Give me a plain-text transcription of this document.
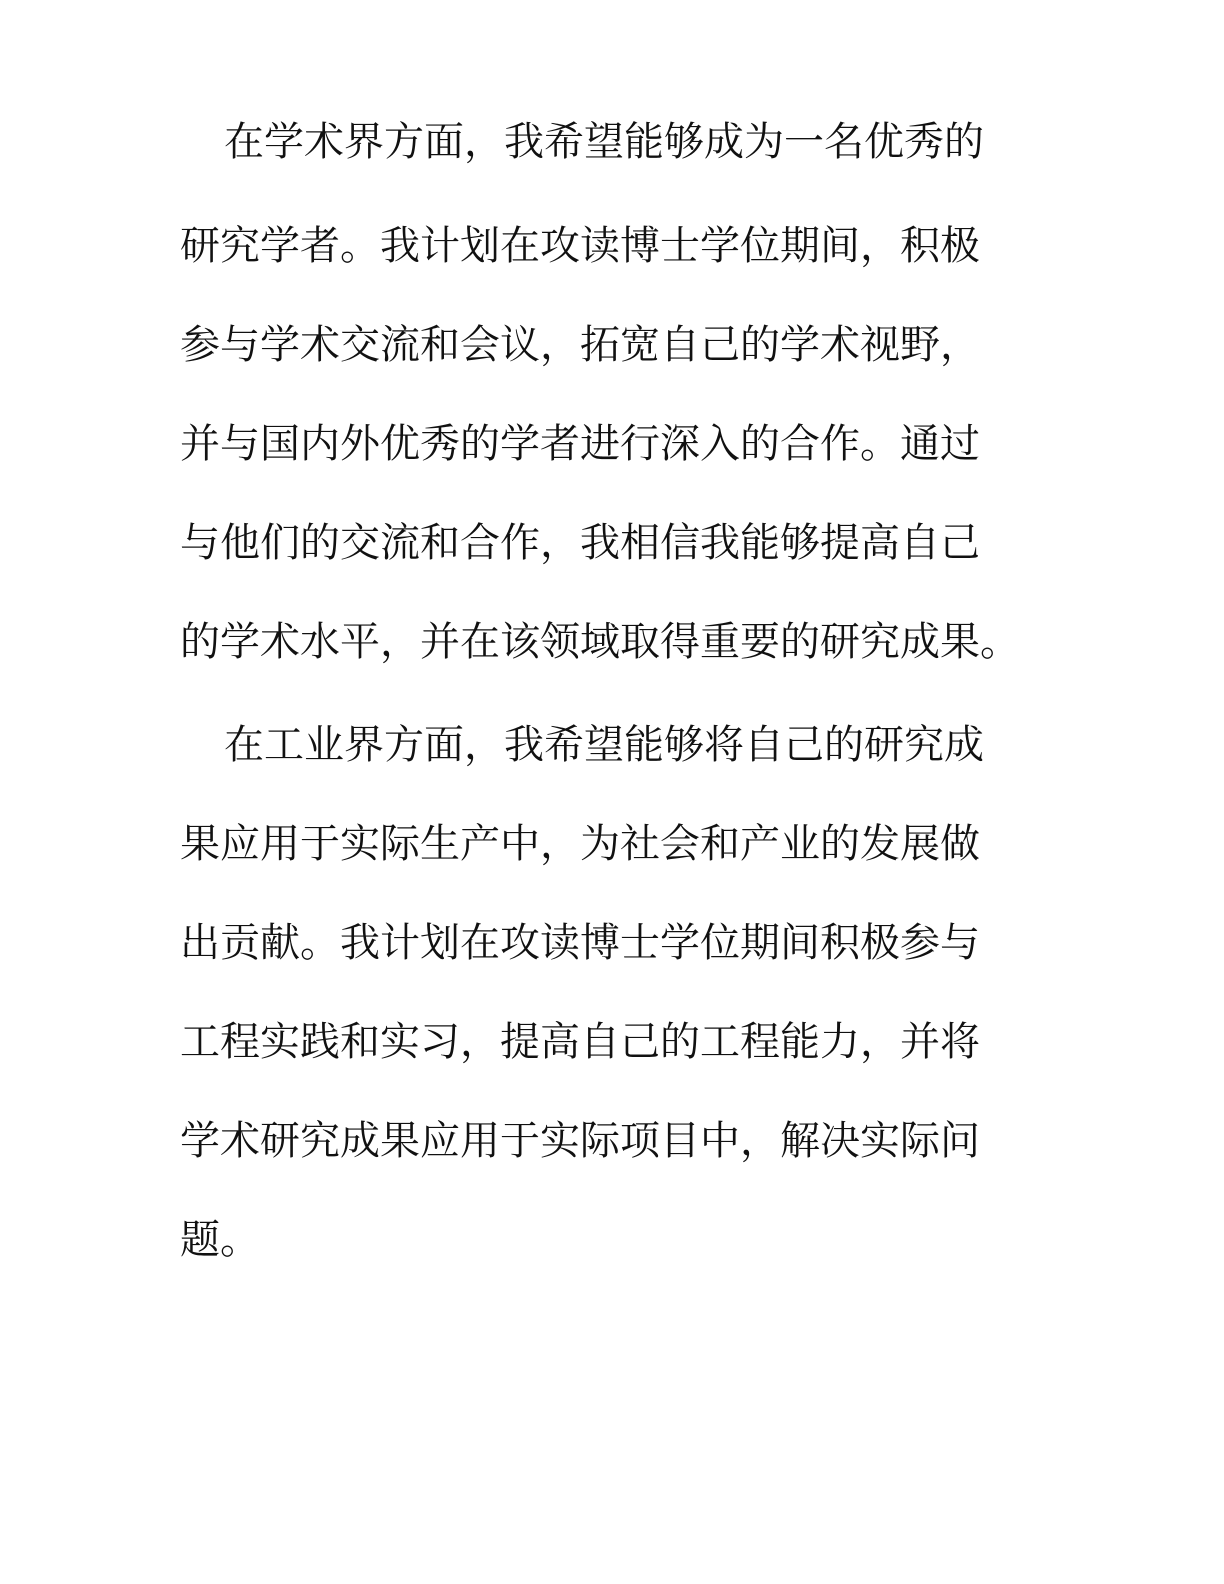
在学术界方面，我希望能够成为一名优秀的
研究学者。我计划在攻读博士学位期间，积极
参与学术交流和会议，拓宽自己的学术视野，
并与国内外优秀的学者进行深入的合作。通过
与他们的交流和合作，我相信我能够提高自己
的学术水平，并在该领域取得重要的研究成果。
在工业界方面，我希望能够将自己的研究成
果应用于实际生产中，为社会和产业的发展做
出贡献。我计划在攻读博士学位期间积极参与
工程实践和实习，提高自己的工程能力，并将
学术研究成果应用于实际项目中，解决实际问
题。
